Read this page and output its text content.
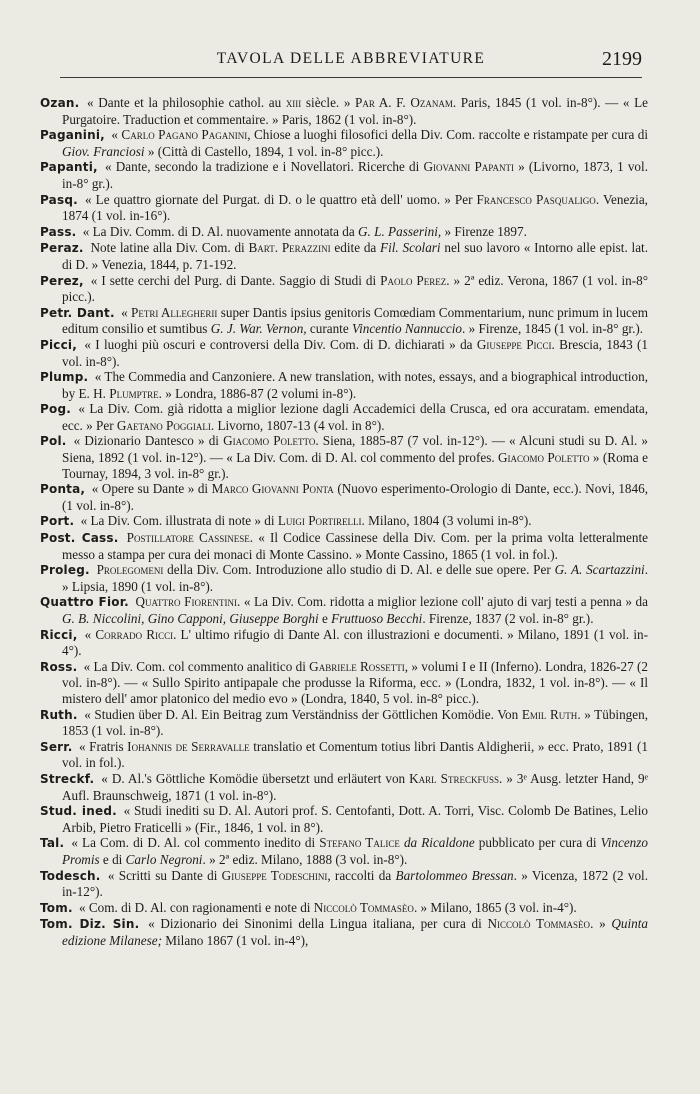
TAVOLA DELLE ABBREVIATURE	2199
Ozan. « Dante et la philosophie cathol. au xiii siècle. » Par A. F. Ozanam. Paris, 1845 (1 vol. in-8°). — « Le Purgatoire. Traduction et commentaire. » Paris, 1862 (1 vol. in-8°).
Paganini, « Carlo Pagano Paganini, Chiose a luoghi filosofici della Div. Com. raccolte e ristampate per cura di Giov. Franciosi » (Città di Castello, 1894, 1 vol. in-8° picc.).
Papanti, « Dante, secondo la tradizione e i Novellatori. Ricerche di Giovanni Papanti » (Livorno, 1873, 1 vol. in-8° gr.).
Pasq. « Le quattro giornate del Purgat. di D. o le quattro età dell' uomo. » Per Francesco Pasqualigo. Venezia, 1874 (1 vol. in-16°).
Pass. « La Div. Comm. di D. Al. nuovamente annotata da G. L. Passerini, » Firenze 1897.
Peraz. Note latine alla Div. Com. di Bart. Perazzini edite da Fil. Scolari nel suo lavoro « Intorno alle epist. lat. di D. » Venezia, 1844, p. 71-192.
Perez, « I sette cerchi del Purg. di Dante. Saggio di Studi di Paolo Perez. » 2ª ediz. Verona, 1867 (1 vol. in-8° picc.).
Petr. Dant. « Petri Allegherii super Dantis ipsius genitoris Comœdiam Commentarium, nunc primum in lucem editum consilio et sumtibus G. J. War. Vernon, curante Vincentio Nannuccio. » Firenze, 1845 (1 vol. in-8° gr.).
Picci, « I luoghi più oscuri e controversi della Div. Com. di D. dichiarati » da Giuseppe Picci. Brescia, 1843 (1 vol. in-8°).
Plump. « The Commedia and Canzoniere. A new translation, with notes, essays, and a biographical introduction, by E. H. Plumptre. » Londra, 1886-87 (2 volumi in-8°).
Pog. « La Div. Com. già ridotta a miglior lezione dagli Accademici della Crusca, ed ora accuratam. emendata, ecc. » Per Gaetano Poggiali. Livorno, 1807-13 (4 vol. in 8°).
Pol. « Dizionario Dantesco » di Giacomo Poletto. Siena, 1885-87 (7 vol. in-12°). — « Alcuni studi su D. Al. » Siena, 1892 (1 vol. in-12°). — « La Div. Com. di D. Al. col commento del profes. Giacomo Poletto » (Roma e Tournay, 1894, 3 vol. in-8° gr.).
Ponta, « Opere su Dante » di Marco Giovanni Ponta (Nuovo esperimento-Orologio di Dante, ecc.). Novi, 1846, (1 vol. in-8°).
Port. « La Div. Com. illustrata di note » di Luigi Portirelli. Milano, 1804 (3 volumi in-8°).
Post. Cass. Postillatore Cassinese. « Il Codice Cassinese della Div. Com. per la prima volta letteralmente messo a stampa per cura dei monaci di Monte Cassino. » Monte Cassino, 1865 (1 vol. in fol.).
Proleg. Prolegomeni della Div. Com. Introduzione allo studio di D. Al. e delle sue opere. Per G. A. Scartazzini. » Lipsia, 1890 (1 vol. in-8°).
Quattro Fior. Quattro Fiorentini. « La Div. Com. ridotta a miglior lezione coll' ajuto di varj testi a penna » da G. B. Niccolini, Gino Capponi, Giuseppe Borghi e Fruttuoso Becchi. Firenze, 1837 (2 vol. in-8° gr.).
Ricci, « Corrado Ricci. L' ultimo rifugio di Dante Al. con illustrazioni e documenti. » Milano, 1891 (1 vol. in-4°).
Ross. « La Div. Com. col commento analitico di Gabriele Rossetti, » volumi I e II (Inferno). Londra, 1826-27 (2 vol. in-8°). — « Sullo Spirito antipapale che produsse la Riforma, ecc. » (Londra, 1832, 1 vol. in-8°). — « Il mistero dell' amor platonico del medio evo » (Londra, 1840, 5 vol. in-8° picc.).
Ruth. « Studien über D. Al. Ein Beitrag zum Verständniss der Göttlichen Komödie. Von Emil Ruth. » Tübingen, 1853 (1 vol. in-8°).
Serr. « Fratris Iohannis de Serravalle translatio et Comentum totius libri Dantis Aldigherii, » ecc. Prato, 1891 (1 vol. in fol.).
Streckf. « D. Al.'s Göttliche Komödie übersetzt und erläutert von Karl Streckfuss. » 3ᵉ Ausg. letzter Hand, 9ᵉ Aufl. Braunschweig, 1871 (1 vol. in-8°).
Stud. ined. « Studi inediti su D. Al. Autori prof. S. Centofanti, Dott. A. Torri, Visc. Colomb De Batines, Lelio Arbib, Pietro Fraticelli » (Fir., 1846, 1 vol. in 8°).
Tal. « La Com. di D. Al. col commento inedito di Stefano Talice da Ricaldone pubblicato per cura di Vincenzo Promis e di Carlo Negroni. » 2ª ediz. Milano, 1888 (3 vol. in-8°).
Todesch. « Scritti su Dante di Giuseppe Todeschini, raccolti da Bartolommeo Bressan. » Vicenza, 1872 (2 vol. in-12°).
Tom. « Com. di D. Al. con ragionamenti e note di Niccolò Tommasèo. » Milano, 1865 (3 vol. in-4°).
Tom. Diz. Sin. « Dizionario dei Sinonimi della Lingua italiana, per cura di Niccolò Tommasèo. » Quinta edizione Milanese; Milano 1867 (1 vol. in-4°),
